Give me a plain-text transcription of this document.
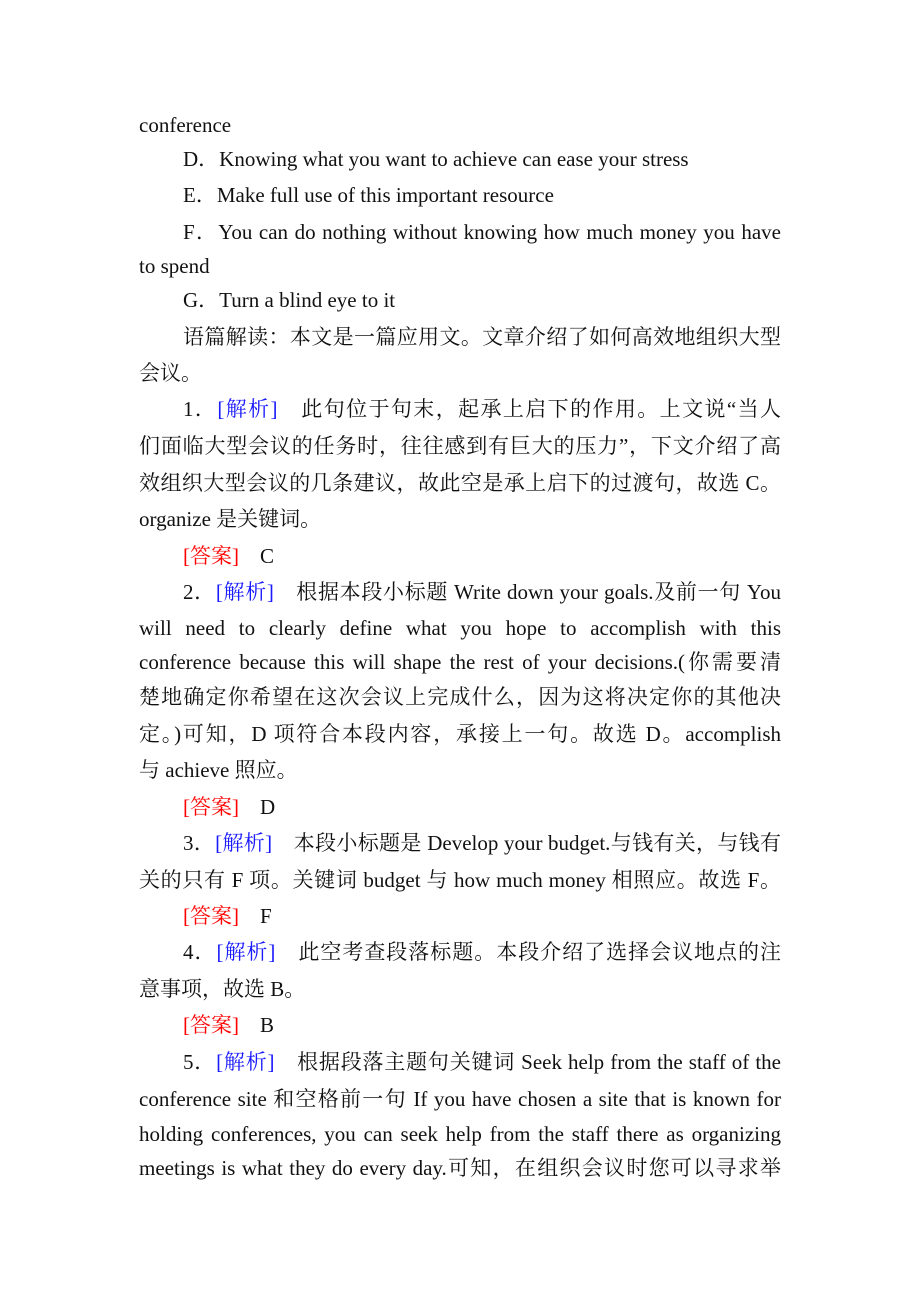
conference
D．Knowing what you want to achieve can ease your stress
E．Make full use of this important resource
F．You can do nothing without knowing how much money you have
to spend
G．Turn a blind eye to it
语篇解读：本文是一篇应用文。文章介绍了如何高效地组织大型
会议。
1．[解析]　此句位于句末，起承上启下的作用。上文说“当人
们面临大型会议的任务时，往往感到有巨大的压力”，下文介绍了高
效组织大型会议的几条建议，故此空是承上启下的过渡句，故选 C。
organize 是关键词。
[答案]　C
2．[解析]　根据本段小标题 Write down your goals.及前一句 You
will need to clearly define what you hope to accomplish with this
conference because this will shape the rest of your decisions.(你需要清
楚地确定你希望在这次会议上完成什么，因为这将决定你的其他决
定。)可知，D 项符合本段内容，承接上一句。故选 D。accomplish
与 achieve 照应。
[答案]　D
3．[解析]　本段小标题是 Develop your budget.与钱有关，与钱有
关的只有 F 项。关键词 budget 与 how much money 相照应。故选 F。
[答案]　F
4．[解析]　此空考查段落标题。本段介绍了选择会议地点的注
意事项，故选 B。
[答案]　B
5．[解析]　根据段落主题句关键词 Seek help from the staff of the
conference site 和空格前一句 If you have chosen a site that is known for
holding conferences, you can seek help from the staff there as organizing
meetings is what they do every day.可知，在组织会议时您可以寻求举
